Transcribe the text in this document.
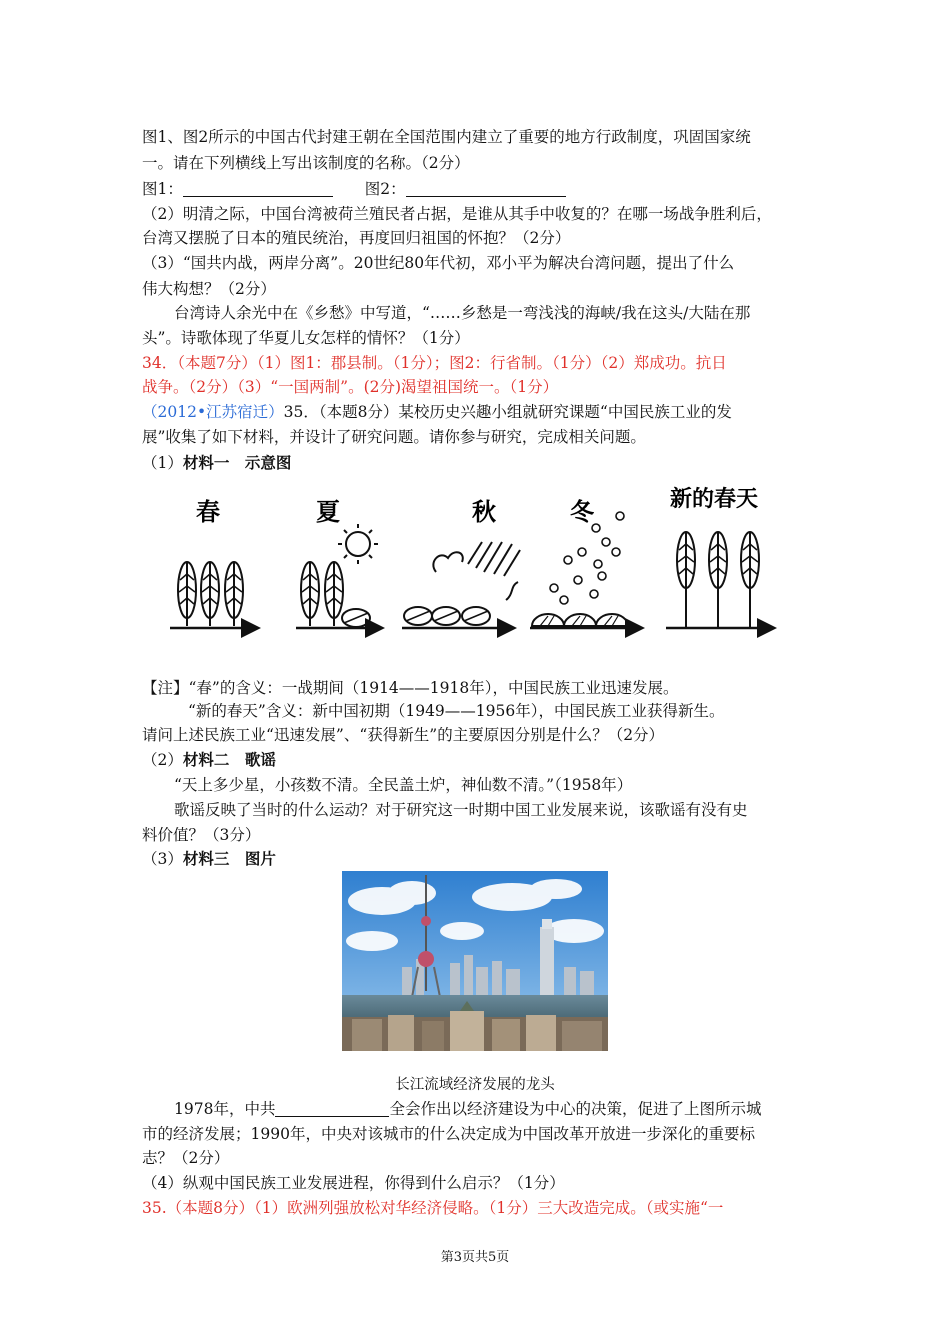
图1、图2所示的中国古代封建王朝在全国范围内建立了重要的地方行政制度，巩固国家统
一。请在下列横线上写出该制度的名称。（2分）
图1：	图2：
（2）明清之际，中国台湾被荷兰殖民者占据，是谁从其手中收复的？在哪一场战争胜利后，
台湾又摆脱了日本的殖民统治，再度回归祖国的怀抱？（2分）
（3）“国共内战，两岸分离”。20世纪80年代初，邓小平为解决台湾问题，提出了什么
伟大构想？（2分）
台湾诗人余光中在《乡愁》中写道，“……乡愁是一弯浅浅的海峡/我在这头/大陆在那
头”。诗歌体现了华夏儿女怎样的情怀？（1分）
34．（本题7分）（1）图1：郡县制。（1分）；图2：行省制。（1分）（2）郑成功。抗日
战争。（2分）（3）“一国两制”。(2分)渴望祖国统一。（1分）
（2012•江苏宿迁）35．（本题8分）某校历史兴趣小组就研究课题“中国民族工业的发
展”收集了如下材料，并设计了研究问题。请你参与研究，完成相关问题。
（1）材料一　示意图
春	夏	秋	冬	新的春天
【注】“春”的含义：一战期间（1914——1918年），中国民族工业迅速发展。
“新的春天”含义：新中国初期（1949——1956年），中国民族工业获得新生。
请问上述民族工业“迅速发展”、“获得新生”的主要原因分别是什么？（2分）
（2）材料二　歌谣
“天上多少星，小孩数不清。全民盖土炉，神仙数不清。”（1958年）
歌谣反映了当时的什么运动？对于研究这一时期中国工业发展来说，该歌谣有没有史
料价值？（3分）
（3）材料三　图片
长江流域经济发展的龙头
1978年，中共	全会作出以经济建设为中心的决策，促进了上图所示城
市的经济发展；1990年，中央对该城市的什么决定成为中国改革开放进一步深化的重要标
志？（2分）
（4）纵观中国民族工业发展进程，你得到什么启示？（1分）
35.（本题8分）（1）欧洲列强放松对华经济侵略。（1分）三大改造完成。（或实施“一
第3页共5页
